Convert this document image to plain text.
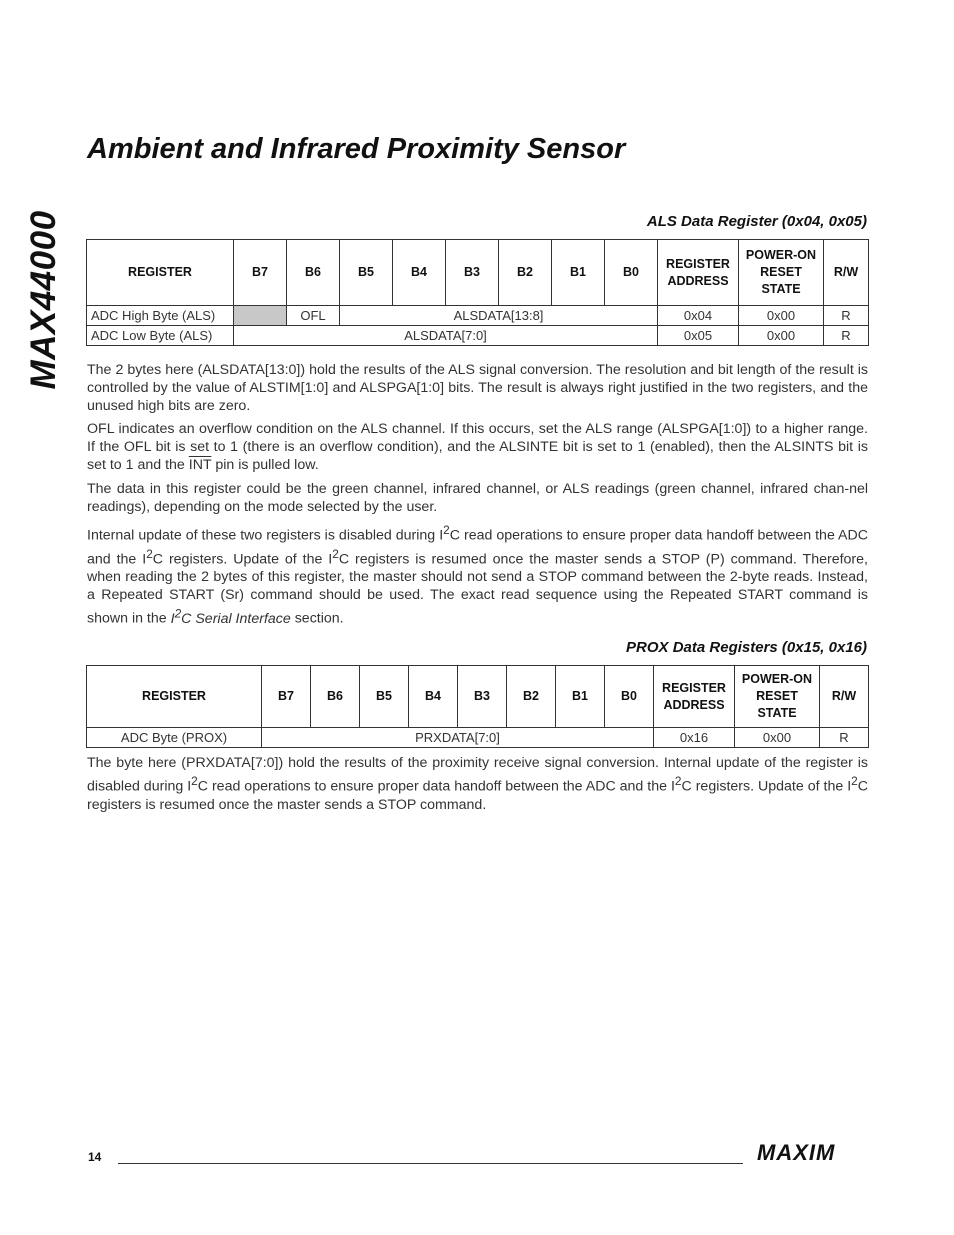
MAX44000
Ambient and Infrared Proximity Sensor
ALS Data Register (0x04, 0x05)
REGISTER	B7	B6	B5	B4	B3	B2	B1	B0	REGISTER ADDRESS	POWER-ON RESET STATE	R/W
ADC High Byte (ALS)		OFL	ALSDATA[13:8]						0x04	0x00	R
ADC Low Byte (ALS)	ALSDATA[7:0]								0x05	0x00	R

The 2 bytes here (ALSDATA[13:0]) hold the results of the ALS signal conversion. The resolution and bit length of the result is controlled by the value of ALSTIM[1:0] and ALSPGA[1:0] bits. The result is always right justified in the two registers, and the unused high bits are zero.

OFL indicates an overflow condition on the ALS channel. If this occurs, set the ALS range (ALSPGA[1:0]) to a higher range. If the OFL bit is set to 1 (there is an overflow condition), and the ALSINTE bit is set to 1 (enabled), then the ALSINTS bit is set to 1 and the $\overline{INT}$ pin is pulled low.

The data in this register could be the green channel, infrared channel, or ALS readings (green channel, infrared chan-nel readings), depending on the mode selected by the user.

Internal update of these two registers is disabled during $I^2C$ read operations to ensure proper data handoff between the ADC and the $I^2C$ registers. Update of the $I^2C$ registers is resumed once the master sends a STOP (P) command. Therefore, when reading the 2 bytes of this register, the master should not send a STOP command between the 2-byte reads. Instead, a Repeated START (Sr) command should be used. The exact read sequence using the Repeated START command is shown in the $I^2C$ Serial Interface section.

PROX Data Registers (0x15, 0x16)
REGISTER	B7	B6	B5	B4	B3	B2	B1	B0	REGISTER ADDRESS	POWER-ON RESET STATE	R/W
ADC Byte (PROX)	PRXDATA[7:0]								0x16	0x00	R

The byte here (PRXDATA[7:0]) hold the results of the proximity receive signal conversion. Internal update of the register is disabled during $I^2C$ read operations to ensure proper data handoff between the ADC and the $I^2C$ registers. Update of the $I^2C$ registers is resumed once the master sends a STOP command.

14	MAXIM
